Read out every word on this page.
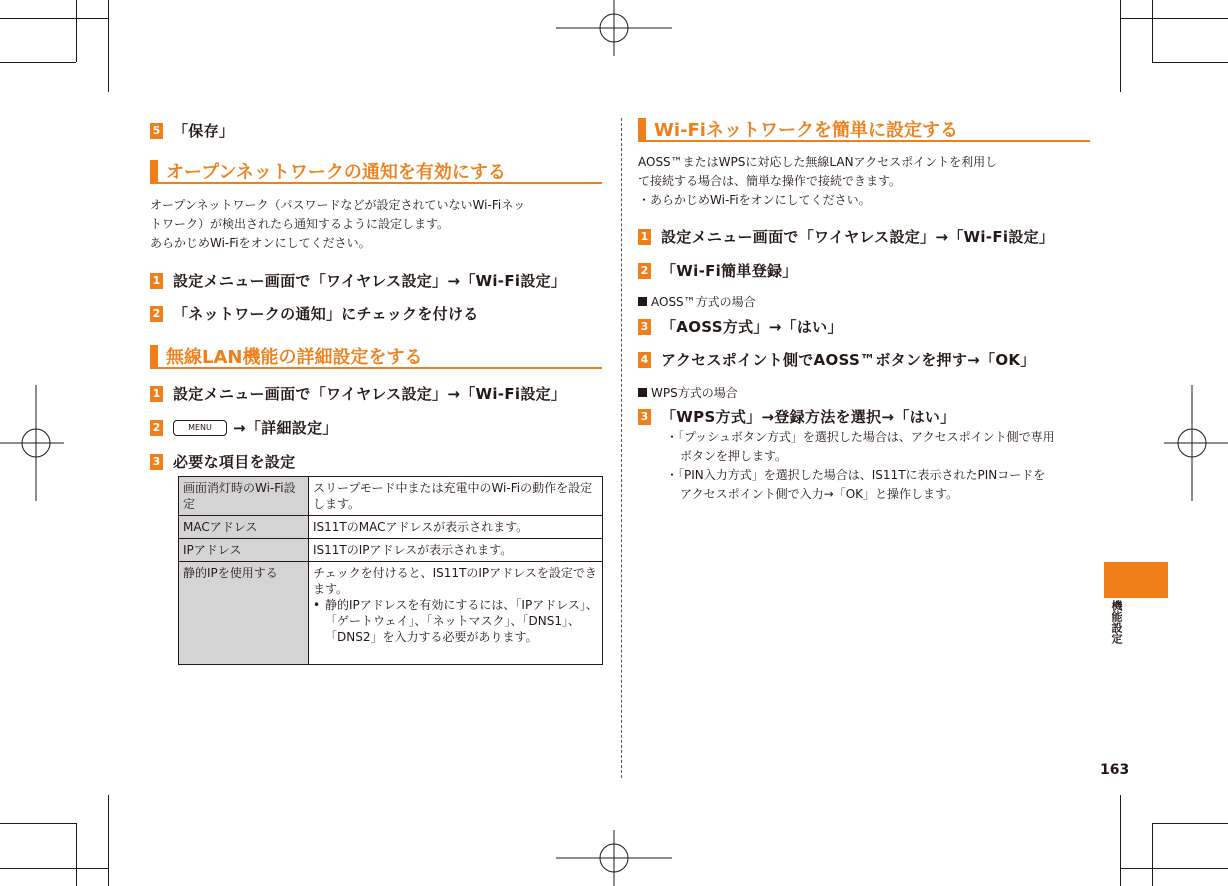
5 「保存」
オープンネットワークの通知を有効にする
オープンネットワーク（パスワードなどが設定されていないWi-Fiネッ
トワーク）が検出されたら通知するように設定します。
あらかじめWi-Fiをオンにしてください。
1 設定メニュー画面で「ワイヤレス設定」→「Wi-Fi設定」
2 「ネットワークの通知」にチェックを付ける
無線LAN機能の詳細設定をする
1 設定メニュー画面で「ワイヤレス設定」→「Wi-Fi設定」
2	MENU	→「詳細設定」
3 必要な項目を設定
画面消灯時のWi-Fi設定	スリープモード中または充電中のWi-Fiの動作を設定します。
MACアドレス	IS11TのMACアドレスが表示されます。
IPアドレス	IS11TのIPアドレスが表示されます。
静的IPを使用する	チェックを付けると、IS11TのIPアドレスを設定できます。
• 静的IPアドレスを有効にするには、「IPアドレス」、「ゲートウェイ」、「ネットマスク」、「DNS1」、「DNS2」を入力する必要があります。
Wi-Fiネットワークを簡単に設定する
AOSS™またはWPSに対応した無線LANアクセスポイントを利用し
て接続する場合は、簡単な操作で接続できます。
・あらかじめWi-Fiをオンにしてください。
1 設定メニュー画面で「ワイヤレス設定」→「Wi-Fi設定」
2 「Wi-Fi簡単登録」
AOSS™方式の場合
3 「AOSS方式」→「はい」
4 アクセスポイント側でAOSS™ボタンを押す→「OK」
WPS方式の場合
3 「WPS方式」→登録方法を選択→「はい」
・「プッシュボタン方式」を選択した場合は、アクセスポイント側で専用
ボタンを押します。
・「PIN入力方式」を選択した場合は、IS11Tに表示されたPINコードを
アクセスポイント側で入力→「OK」と操作します。
機能設定
163
